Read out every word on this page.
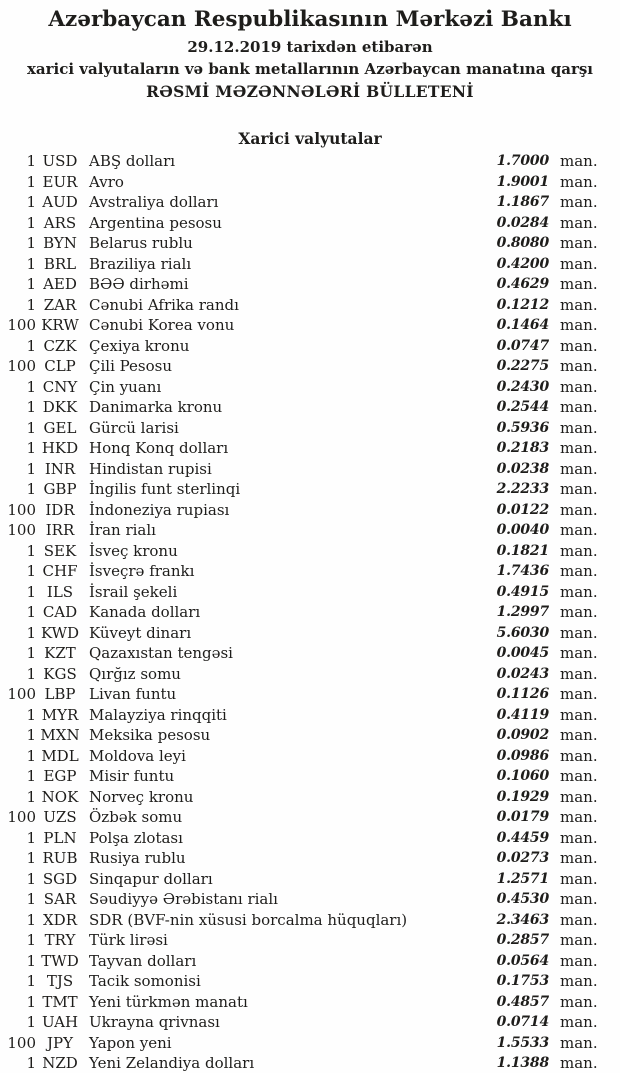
Azərbaycan Respublikasının Mərkəzi Bankı
29.12.2019 tarixdən etibarən
xarici valyutaların və bank metallarının Azərbaycan manatına qarşı
RƏSMİ MƏZƏNNƏLƏRİ BÜLLETENİ
Xarici valyutalar
1 USD ABŞ dolları	1.7000 man.
1 EUR Avro	1.9001 man.
1 AUD Avstraliya dolları	1.1867 man.
1 ARS Argentina pesosu	0.0284 man.
1 BYN Belarus rublu	0.8080 man.
1 BRL Braziliya rialı	0.4200 man.
1 AED BƏƏ dirhəmi	0.4629 man.
1 ZAR Cənubi Afrika randı	0.1212 man.
100 KRW Cənubi Korea vonu	0.1464 man.
1 CZK Çexiya kronu	0.0747 man.
100 CLP Çili Pesosu	0.2275 man.
1 CNY Çin yuanı	0.2430 man.
1 DKK Danimarka kronu	0.2544 man.
1 GEL Gürcü larisi	0.5936 man.
1 HKD Honq Konq dolları	0.2183 man.
1 INR Hindistan rupisi	0.0238 man.
1 GBP İngilis funt sterlinqi	2.2233 man.
100 IDR İndoneziya rupiası	0.0122 man.
100 IRR İran rialı	0.0040 man.
1 SEK İsveç kronu	0.1821 man.
1 CHF İsveçrə frankı	1.7436 man.
1 ILS	İsrail şekeli	0.4915 man.
1 CAD Kanada dolları	1.2997 man.
1 KWD Küveyt dinarı	5.6030 man.
1 KZT Qazaxıstan tengəsi	0.0045 man.
1 KGS Qırğız somu	0.0243 man.
100 LBP Livan funtu	0.1126 man.
1 MYR Malayziya rinqqiti	0.4119 man.
1 MXN Meksika pesosu	0.0902 man.
1 MDL Moldova leyi	0.0986 man.
1 EGP Misir funtu	0.1060 man.
1 NOK Norveç kronu	0.1929 man.
100 UZS Özbək somu	0.0179 man.
1 PLN Polşa zlotası	0.4459 man.
1 RUB Rusiya rublu	0.0273 man.
1 SGD Sinqapur dolları	1.2571 man.
1 SAR Səudiyyə Ərəbistanı rialı	0.4530 man.
1 XDR SDR (BVF-nin xüsusi borcalma hüquqları)	2.3463 man.
1 TRY Türk lirəsi	0.2857 man.
1 TWD Tayvan dolları	0.0564 man.
1 TJS	Tacik somonisi	0.1753 man.
1 TMT Yeni türkmən manatı	0.4857 man.
1 UAH Ukrayna qrivnası	0.0714 man.
100 JPY	Yapon yeni	1.5533 man.
1 NZD Yeni Zelandiya dolları	1.1388 man.
